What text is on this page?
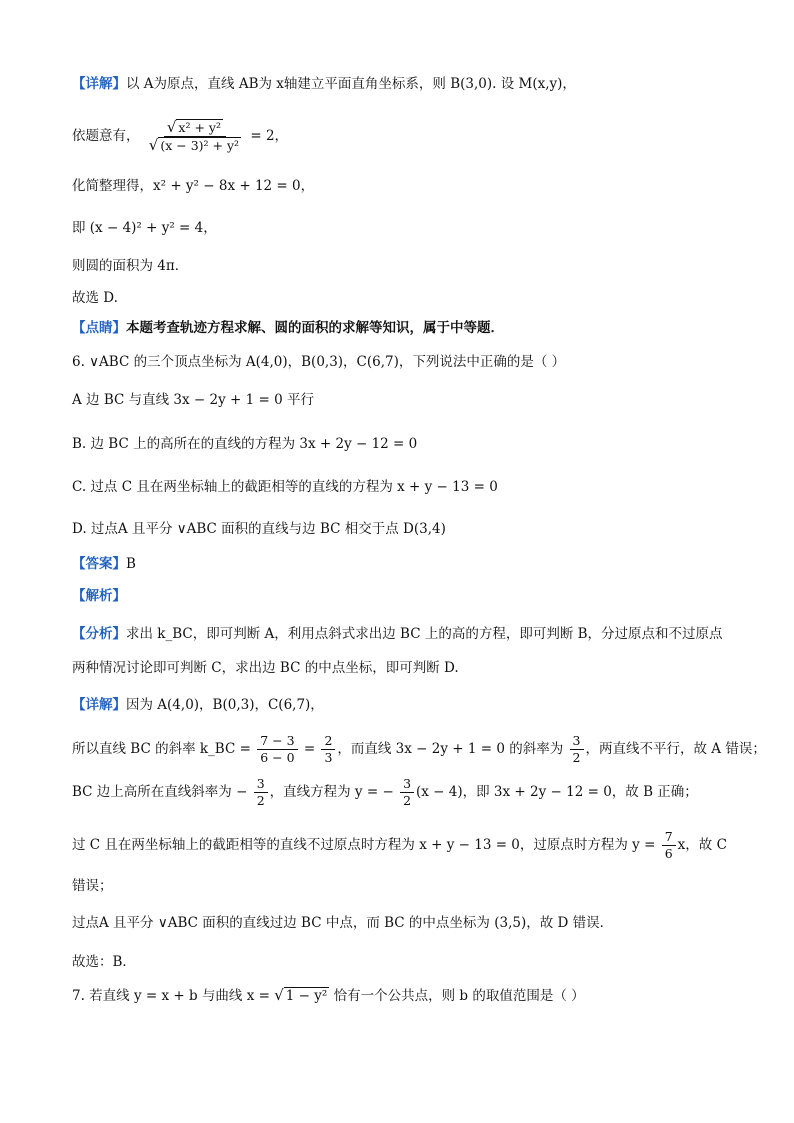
【详解】以 A为原点，直线 AB为 x轴建立平面直角坐标系，则 B(3,0). 设 M(x,y)，
依题意有， $\frac{\text{√ x² + y²}}{\text{√ (x − 3)² + y²}} = 2$，
化简整理得，x² + y² − 8x + 12 = 0，
即 (x − 4)² + y² = 4，
则圆的面积为 4π．
故选 D.
【点睛】本题考查轨迹方程求解、圆的面积的求解等知识，属于中等题．
6. ∨ABC 的三个顶点坐标为 A(4,0)，B(0,3)，C(6,7)，下列说法中正确的是（ ）
A 边 BC 与直线 3x − 2y + 1 = 0 平行
B. 边 BC 上的高所在的直线的方程为 3x + 2y − 12 = 0
C. 过点 C 且在两坐标轴上的截距相等的直线的方程为 x + y − 13 = 0
D. 过点A 且平分 ∨ABC 面积的直线与边 BC 相交于点 D(3,4)
【答案】B
【解析】
【分析】求出 k_BC，即可判断 A，利用点斜式求出边 BC 上的高的方程，即可判断 B，分过原点和不过原点
两种情况讨论即可判断 C，求出边 BC 的中点坐标，即可判断 D.
【详解】因为 A(4,0)，B(0,3)，C(6,7)，
所以直线 BC 的斜率 k_BC = $\frac{7 - 3}{6 - 0} = \frac{2}{3}$ ，而直线 3x − 2y + 1 = 0 的斜率为 $\frac{3}{2}$ ，两直线不平行，故 A 错误；
BC 边上高所在直线斜率为 − $\frac{3}{2}$ ，直线方程为 y = − $\frac{3}{2} (x - 4)$，即 3x + 2y − 12 = 0，故 B 正确；
过 C 且在两坐标轴上的截距相等的直线不过原点时方程为 x + y − 13 = 0，过原点时方程为 $y = \frac{7}{6}$ x，故 C
错误；
过点A 且平分 ∨ABC 面积的直线过边 BC 中点，而 BC 的中点坐标为 (3,5)，故 D 错误．
故选：B．
7. 若直线 y = x + b 与曲线 x = √ 1 − y² 恰有一个公共点，则 b 的取值范围是（ ）
